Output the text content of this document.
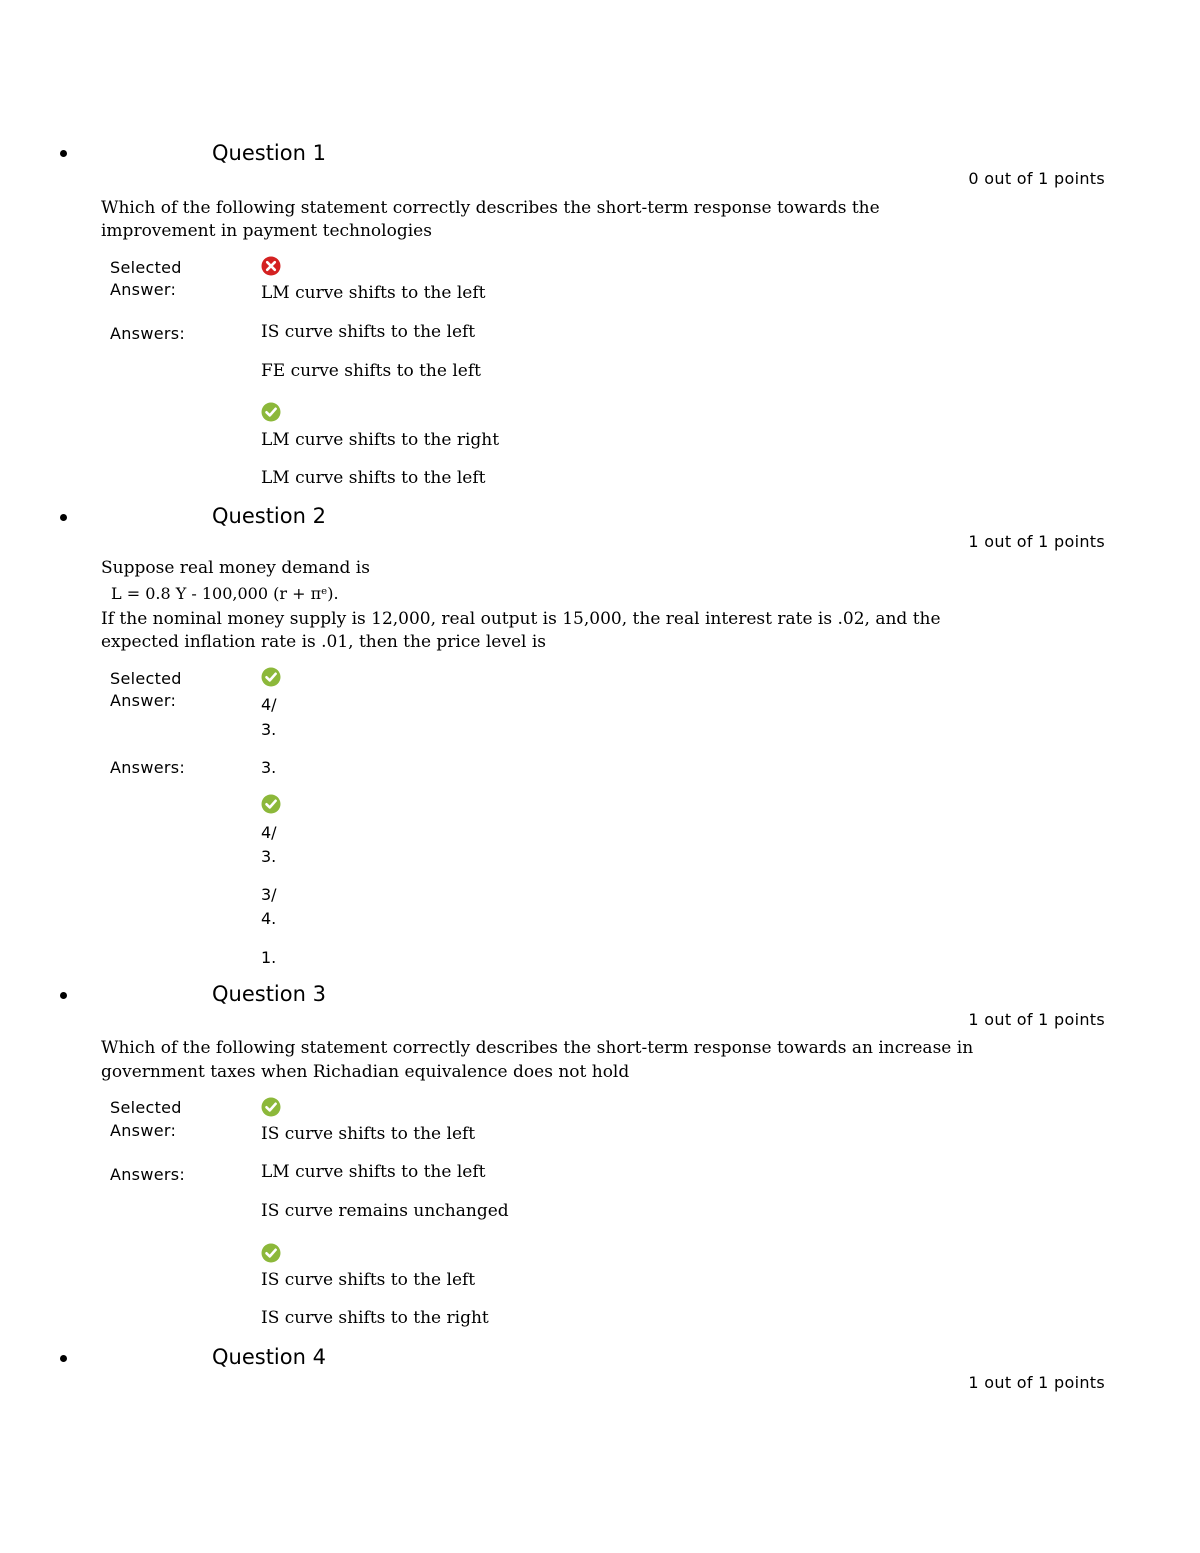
Question 1
0 out of 1 points
Which of the following statement correctly describes the short-term response towards the
improvement in payment technologies
Selected
Answer:	LM curve shifts to the left
Answers:	IS curve shifts to the left
FE curve shifts to the left
LM curve shifts to the right
LM curve shifts to the left
Question 2
1 out of 1 points
Suppose real money demand is
L = 0.8 Y - 100,000 (r + πᵉ).
If the nominal money supply is 12,000, real output is 15,000, the real interest rate is .02, and the
expected inflation rate is .01, then the price level is
Selected
Answer:	4/
3.
Answers:	3.
4/
3.
3/
4.
1.
Question 3
1 out of 1 points
Which of the following statement correctly describes the short-term response towards an increase in
government taxes when Richadian equivalence does not hold
Selected
Answer:	IS curve shifts to the left
Answers:	LM curve shifts to the left
IS curve remains unchanged
IS curve shifts to the left
IS curve shifts to the right
Question 4
1 out of 1 points
